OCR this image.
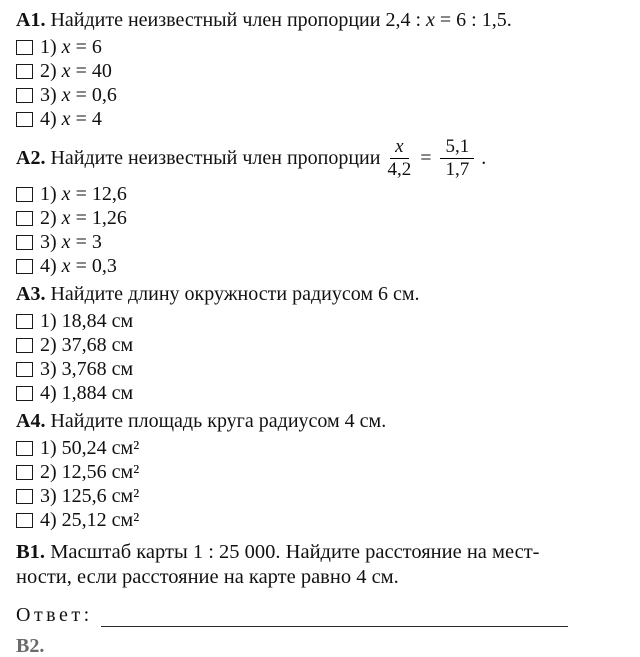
А1. Найдите неизвестный член пропорции 2,4 : x = 6 : 1,5.
1) x = 6
2) x = 40
3) x = 0,6
4) x = 4
А2.
Найдите неизвестный член пропорции $\frac{x}{4,2} = \frac{5,1}{1,7}$ .
1) x = 12,6
2) x = 1,26
3) x = 3
4) x = 0,3
А3. Найдите длину окружности радиусом 6 см.
1) 18,84 см
2) 37,68 см
3) 3,768 см
4) 1,884 см
А4. Найдите площадь круга радиусом 4 см.
1) 50,24 см²
2) 12,56 см²
3) 125,6 см²
4) 25,12 см²
В1. Масштаб карты 1 : 25 000. Найдите расстояние на мест-
ности, если расстояние на карте равно 4 см.
Ответ:
В2.
